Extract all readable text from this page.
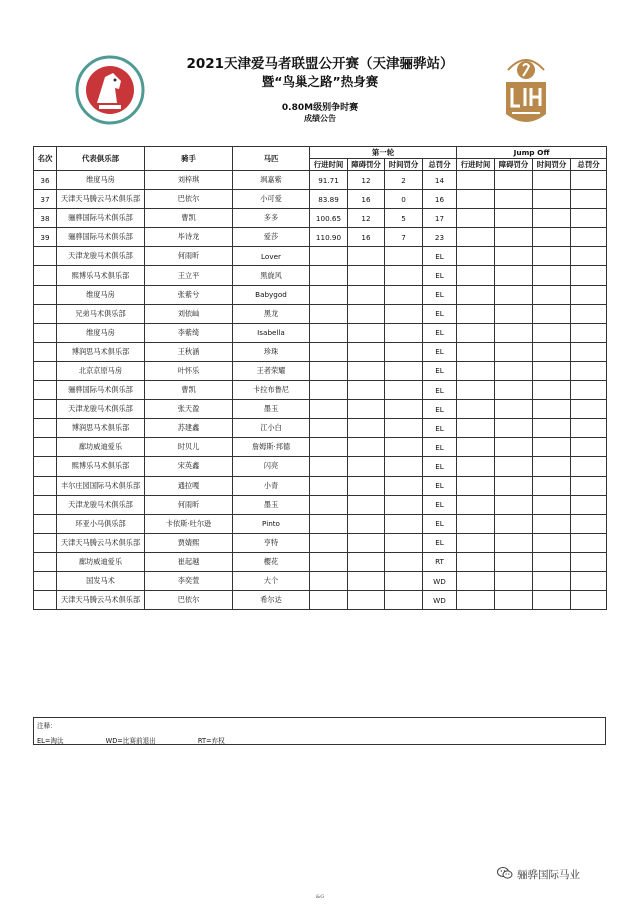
2021天津爱马者联盟公开赛（天津骊骅站）
暨“鸟巢之路”热身赛
0.80M级别争时赛
成绩公告
名次	代表俱乐部	骑手	马匹	第一轮				Jump Off			
				行进时间	障碍罚分	时间罚分	总罚分	行进时间	障碍罚分	时间罚分	总罚分
36	维度马房	刘梓琪	飒嘉紫	91.71	12	2	14				
37	天津天马腾云马术俱乐部	巴依尔	小可爱	83.89	16	0	16				
38	骊骅国际马术俱乐部	曹凯	多多	100.65	12	5	17				
39	骊骅国际马术俱乐部	毕诗龙	爱莎	110.90	16	7	23				
	天津龙骏马术俱乐部	何雨昕	Lover				EL				
	熙博乐马术俱乐部	王立平	黑旋风				EL				
	维度马房	张紫兮	Babygod				EL				
	兄弟马术俱乐部	刘依屾	黑龙				EL				
	维度马房	李紫绮	Isabella				EL				
	博润思马术俱乐部	王秋涵	珍珠				EL				
	北京京原马房	叶怀乐	王者荣耀				EL				
	骊骅国际马术俱乐部	曹凯	卡拉布鲁尼				EL				
	天津龙骏马术俱乐部	张天盈	墨玉				EL				
	博润思马术俱乐部	苏建鑫	江小白				EL				
	廊坊威迪爱乐	时贝儿	詹姆斯·邦德				EL				
	熙博乐马术俱乐部	宋英鑫	闪亮				EL				
	丰尔庄园国际马术俱乐部	通拉嘎	小青				EL				
	天津龙骏马术俱乐部	何雨昕	墨玉				EL				
	环亚小马俱乐部	卡依斯·吐尔逊	Pinto				EL				
	天津天马腾云马术俱乐部	贾婧熙	亨特				EL				
	廊坊威迪爱乐	崔起越	樱花				RT				
	国发马术	李奕萱	大个				WD				
	天津天马腾云马术俱乐部	巴依尔	希尔达				WD				
注释：
EL=淘汰	WD=比赛前退出	RT=弃权
骊骅国际马业
&G
